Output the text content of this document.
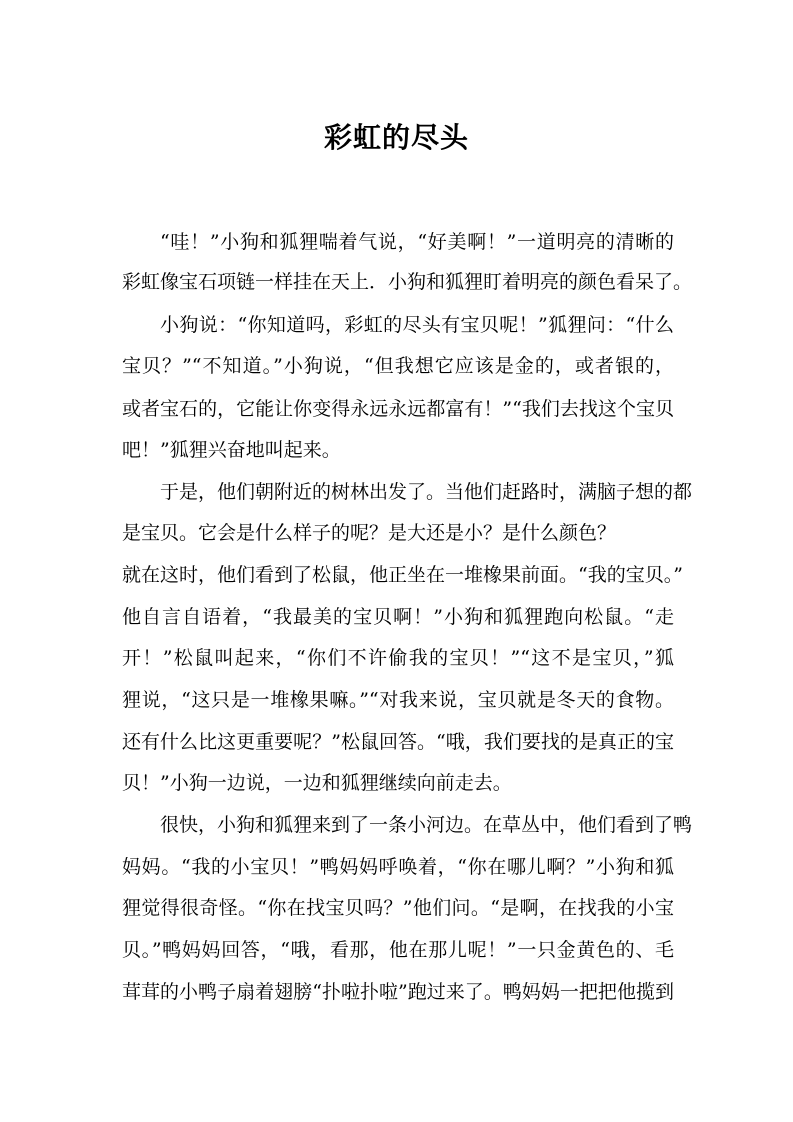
彩虹的尽头
“哇！”小狗和狐狸喘着气说，“好美啊！”一道明亮的清晰的
彩虹像宝石项链一样挂在天上．小狗和狐狸盯着明亮的颜色看呆了。
小狗说：“你知道吗，彩虹的尽头有宝贝呢！”狐狸问：“什么
宝贝？”“不知道。”小狗说，“但我想它应该是金的，或者银的，
或者宝石的，它能让你变得永远永远都富有！”“我们去找这个宝贝
吧！”狐狸兴奋地叫起来。
于是，他们朝附近的树林出发了。当他们赶路时，满脑子想的都
是宝贝。它会是什么样子的呢？是大还是小？是什么颜色？
就在这时，他们看到了松鼠，他正坐在一堆橡果前面。“我的宝贝。”
他自言自语着，“我最美的宝贝啊！”小狗和狐狸跑向松鼠。“走
开！”松鼠叫起来，“你们不许偷我的宝贝！”“这不是宝贝，”狐
狸说，“这只是一堆橡果嘛。”“对我来说，宝贝就是冬天的食物。
还有什么比这更重要呢？”松鼠回答。“哦，我们要找的是真正的宝
贝！”小狗一边说，一边和狐狸继续向前走去。
很快，小狗和狐狸来到了一条小河边。在草丛中，他们看到了鸭
妈妈。“我的小宝贝！”鸭妈妈呼唤着，“你在哪儿啊？”小狗和狐
狸觉得很奇怪。“你在找宝贝吗？”他们问。“是啊，在找我的小宝
贝。”鸭妈妈回答，“哦，看那，他在那儿呢！”一只金黄色的、毛
茸茸的小鸭子扇着翅膀“扑啦扑啦”跑过来了。鸭妈妈一把把他揽到
